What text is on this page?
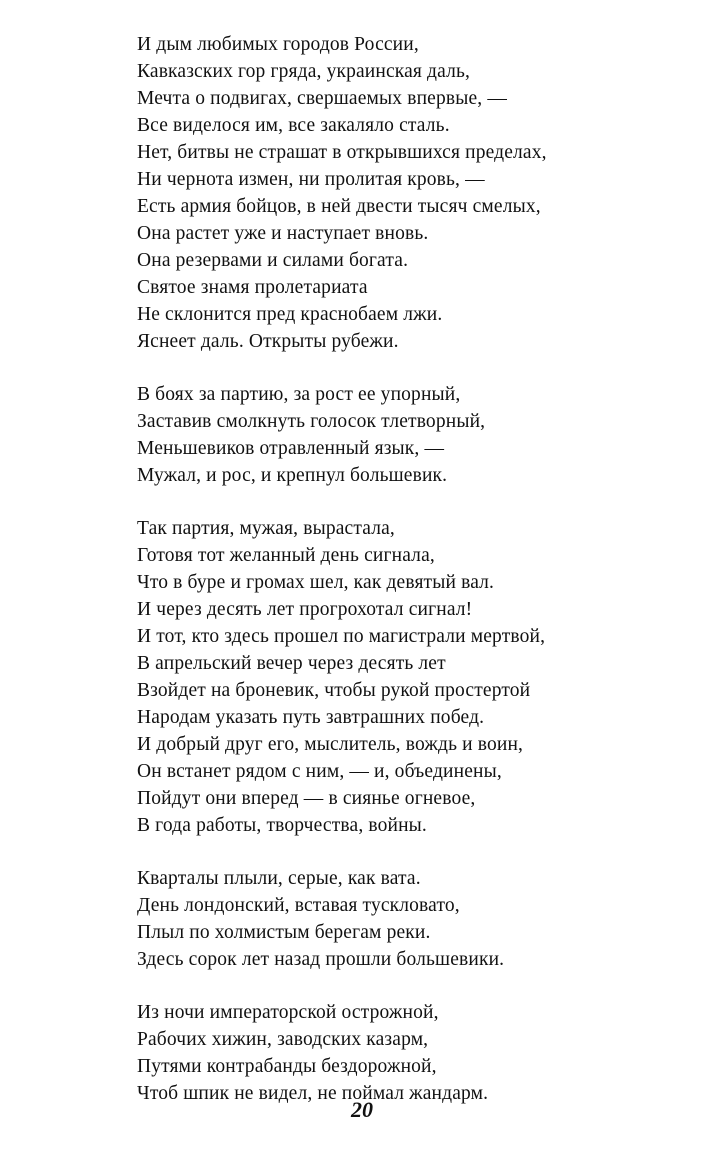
И дым любимых городов России,
Кавказских гор гряда, украинская даль,
Мечта о подвигах, свершаемых впервые, —
Все виделося им, все закаляло сталь.
Нет, битвы не страшат в открывшихся пределах,
Ни чернота измен, ни пролитая кровь, —
Есть армия бойцов, в ней двести тысяч смелых,
Она растет уже и наступает вновь.
Она резервами и силами богата.
Святое знамя пролетариата
Не склонится пред краснобаем лжи.
Яснеет даль. Открыты рубежи.
В боях за партию, за рост ее упорный,
Заставив смолкнуть голосок тлетворный,
Меньшевиков отравленный язык, —
Мужал, и рос, и крепнул большевик.
Так партия, мужая, вырастала,
Готовя тот желанный день сигнала,
Что в буре и громах шел, как девятый вал.
И через десять лет прогрохотал сигнал!
И тот, кто здесь прошел по магистрали мертвой,
В апрельский вечер через десять лет
Взойдет на броневик, чтобы рукой простертой
Народам указать путь завтрашних побед.
И добрый друг его, мыслитель, вождь и воин,
Он встанет рядом с ним, — и, объединены,
Пойдут они вперед — в сиянье огневое,
В года работы, творчества, войны.
Кварталы плыли, серые, как вата.
День лондонский, вставая тускловато,
Плыл по холмистым берегам реки.
Здесь сорок лет назад прошли большевики.
Из ночи императорской острожной,
Рабочих хижин, заводских казарм,
Путями контрабанды бездорожной,
Чтоб шпик не видел, не поймал жандарм.
20
